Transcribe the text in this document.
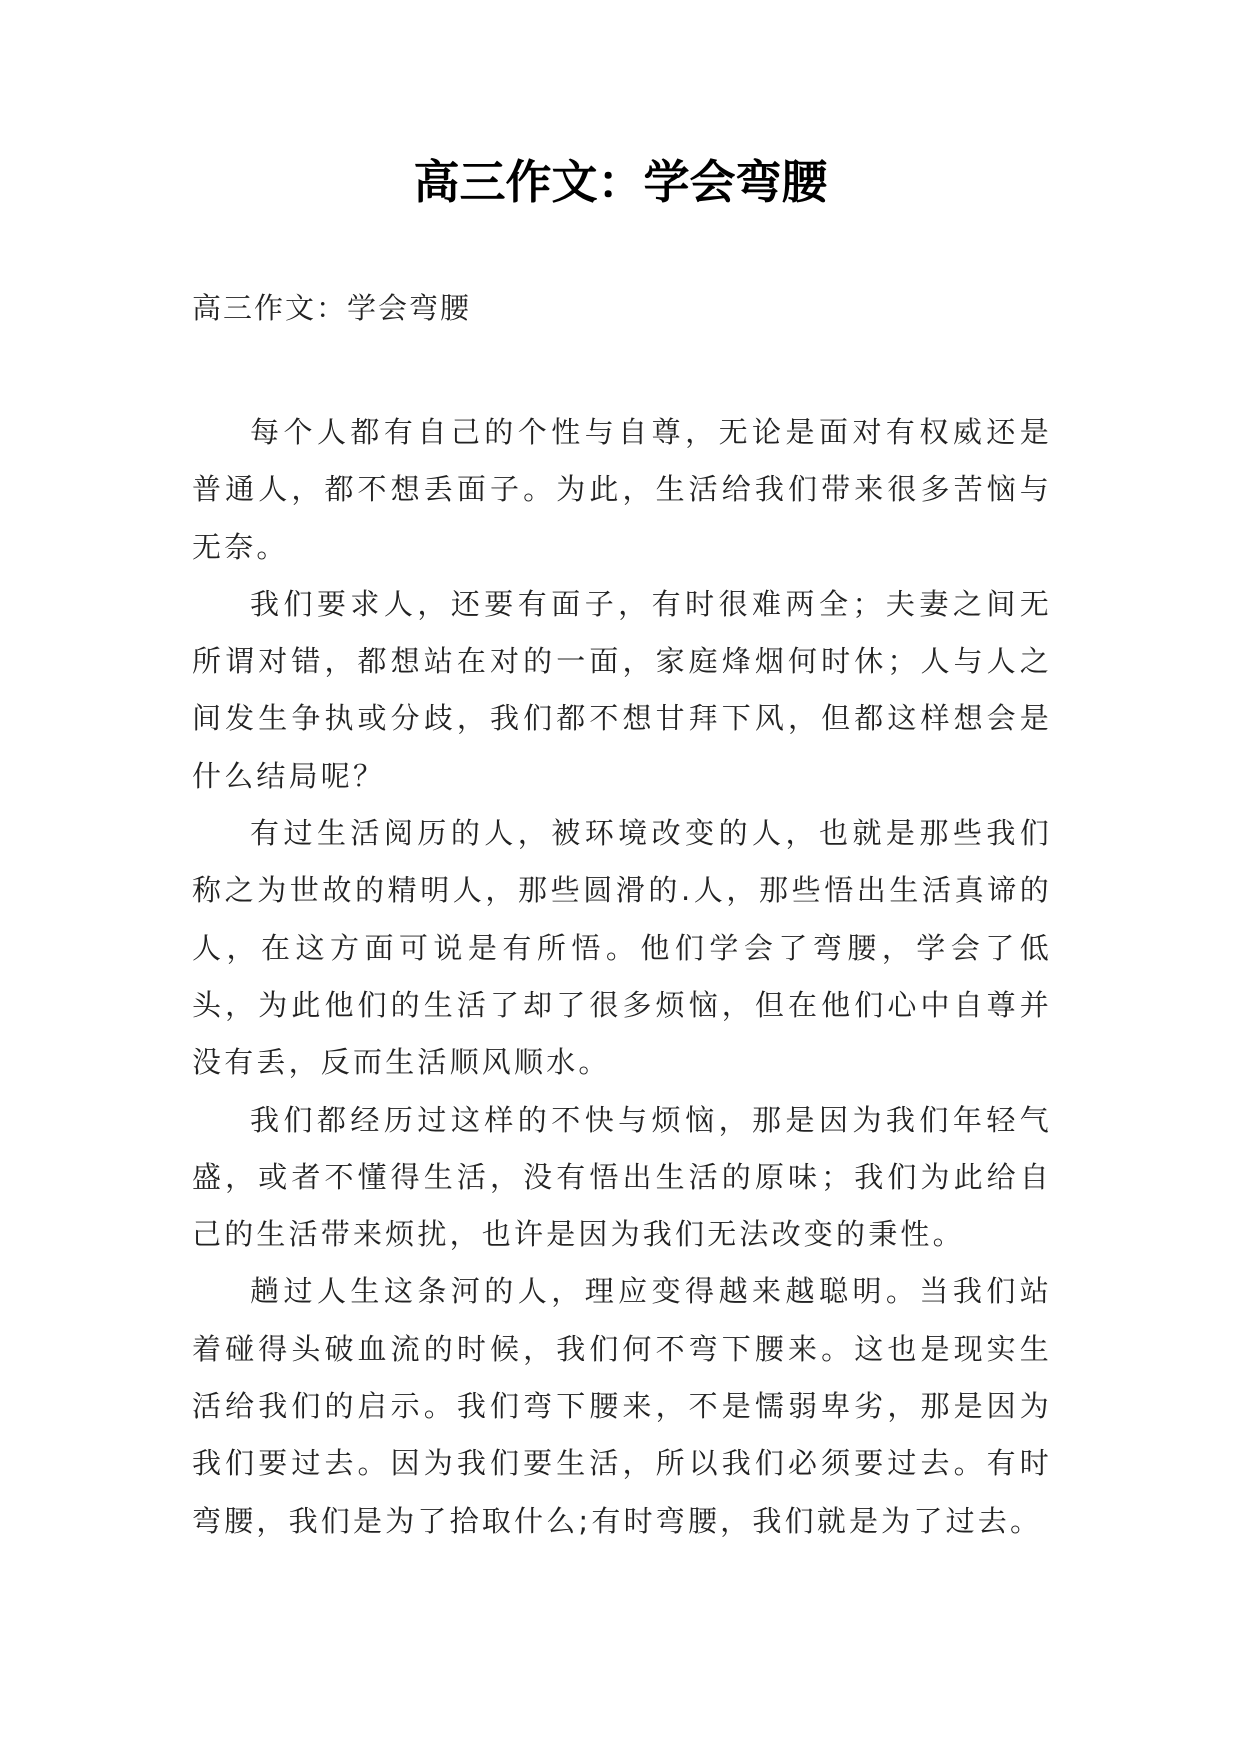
高三作文：学会弯腰
高三作文：学会弯腰

每个人都有自己的个性与自尊，无论是面对有权威还是普通人，都不想丢面子。为此，生活给我们带来很多苦恼与无奈。

我们要求人，还要有面子，有时很难两全；夫妻之间无所谓对错，都想站在对的一面，家庭烽烟何时休；人与人之间发生争执或分歧，我们都不想甘拜下风，但都这样想会是什么结局呢？

有过生活阅历的人，被环境改变的人，也就是那些我们称之为世故的精明人，那些圆滑的.人，那些悟出生活真谛的人，在这方面可说是有所悟。他们学会了弯腰，学会了低头，为此他们的生活了却了很多烦恼，但在他们心中自尊并没有丢，反而生活顺风顺水。

我们都经历过这样的不快与烦恼，那是因为我们年轻气盛，或者不懂得生活，没有悟出生活的原味；我们为此给自己的生活带来烦扰，也许是因为我们无法改变的秉性。

趟过人生这条河的人，理应变得越来越聪明。当我们站着碰得头破血流的时候，我们何不弯下腰来。这也是现实生活给我们的启示。我们弯下腰来，不是懦弱卑劣，那是因为我们要过去。因为我们要生活，所以我们必须要过去。有时弯腰，我们是为了拾取什么;有时弯腰，我们就是为了过去。
